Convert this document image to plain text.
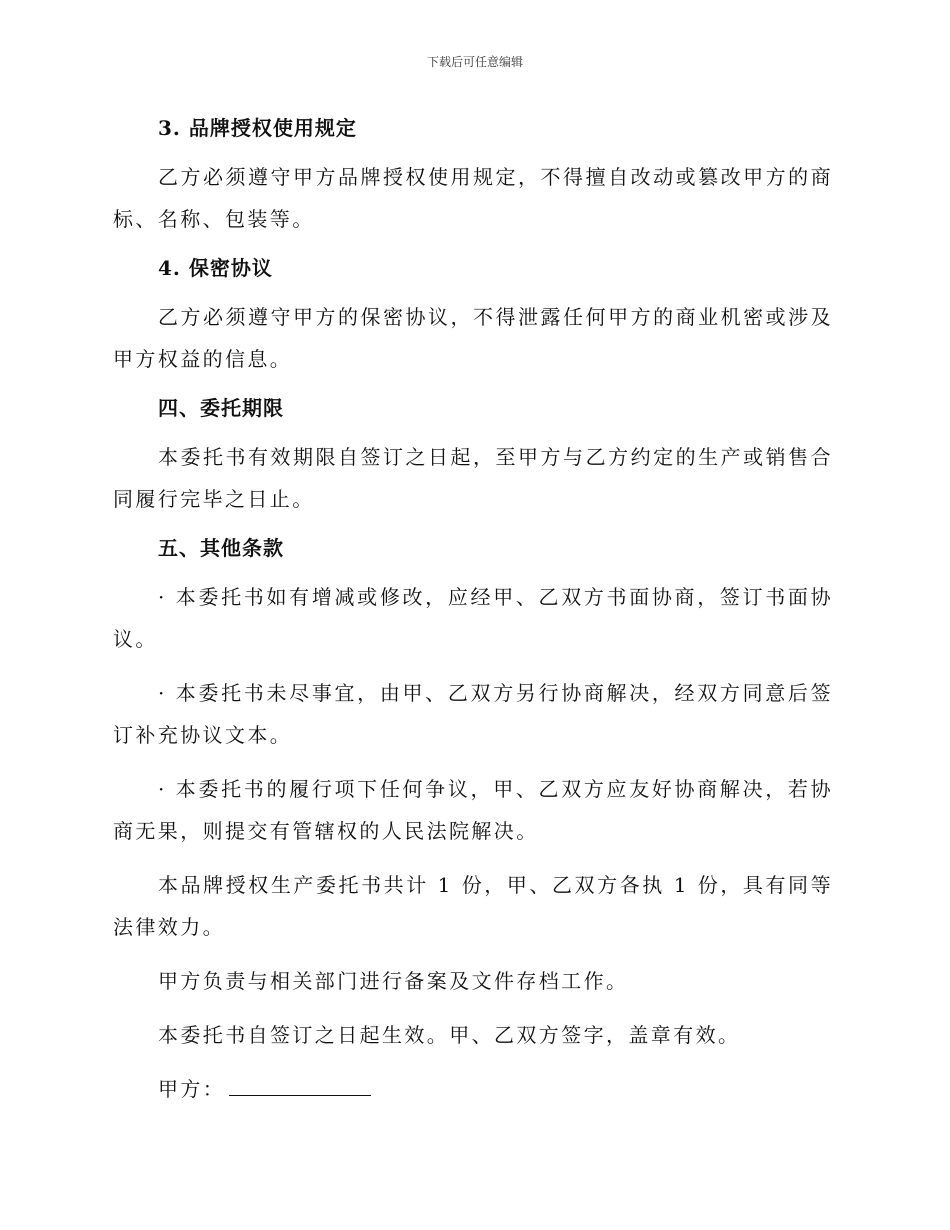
下载后可任意编辑
3. 品牌授权使用规定

乙方必须遵守甲方品牌授权使用规定，不得擅自改动或篡改甲方的商标、名称、包装等。

4. 保密协议

乙方必须遵守甲方的保密协议，不得泄露任何甲方的商业机密或涉及甲方权益的信息。

四、委托期限

本委托书有效期限自签订之日起，至甲方与乙方约定的生产或销售合同履行完毕之日止。

五、其他条款

· 本委托书如有增减或修改，应经甲、乙双方书面协商，签订书面协议。

· 本委托书未尽事宜，由甲、乙双方另行协商解决，经双方同意后签订补充协议文本。

· 本委托书的履行项下任何争议，甲、乙双方应友好协商解决，若协商无果，则提交有管辖权的人民法院解决。

本品牌授权生产委托书共计 1 份，甲、乙双方各执 1 份，具有同等法律效力。

甲方负责与相关部门进行备案及文件存档工作。

本委托书自签订之日起生效。甲、乙双方签字，盖章有效。

甲方：
